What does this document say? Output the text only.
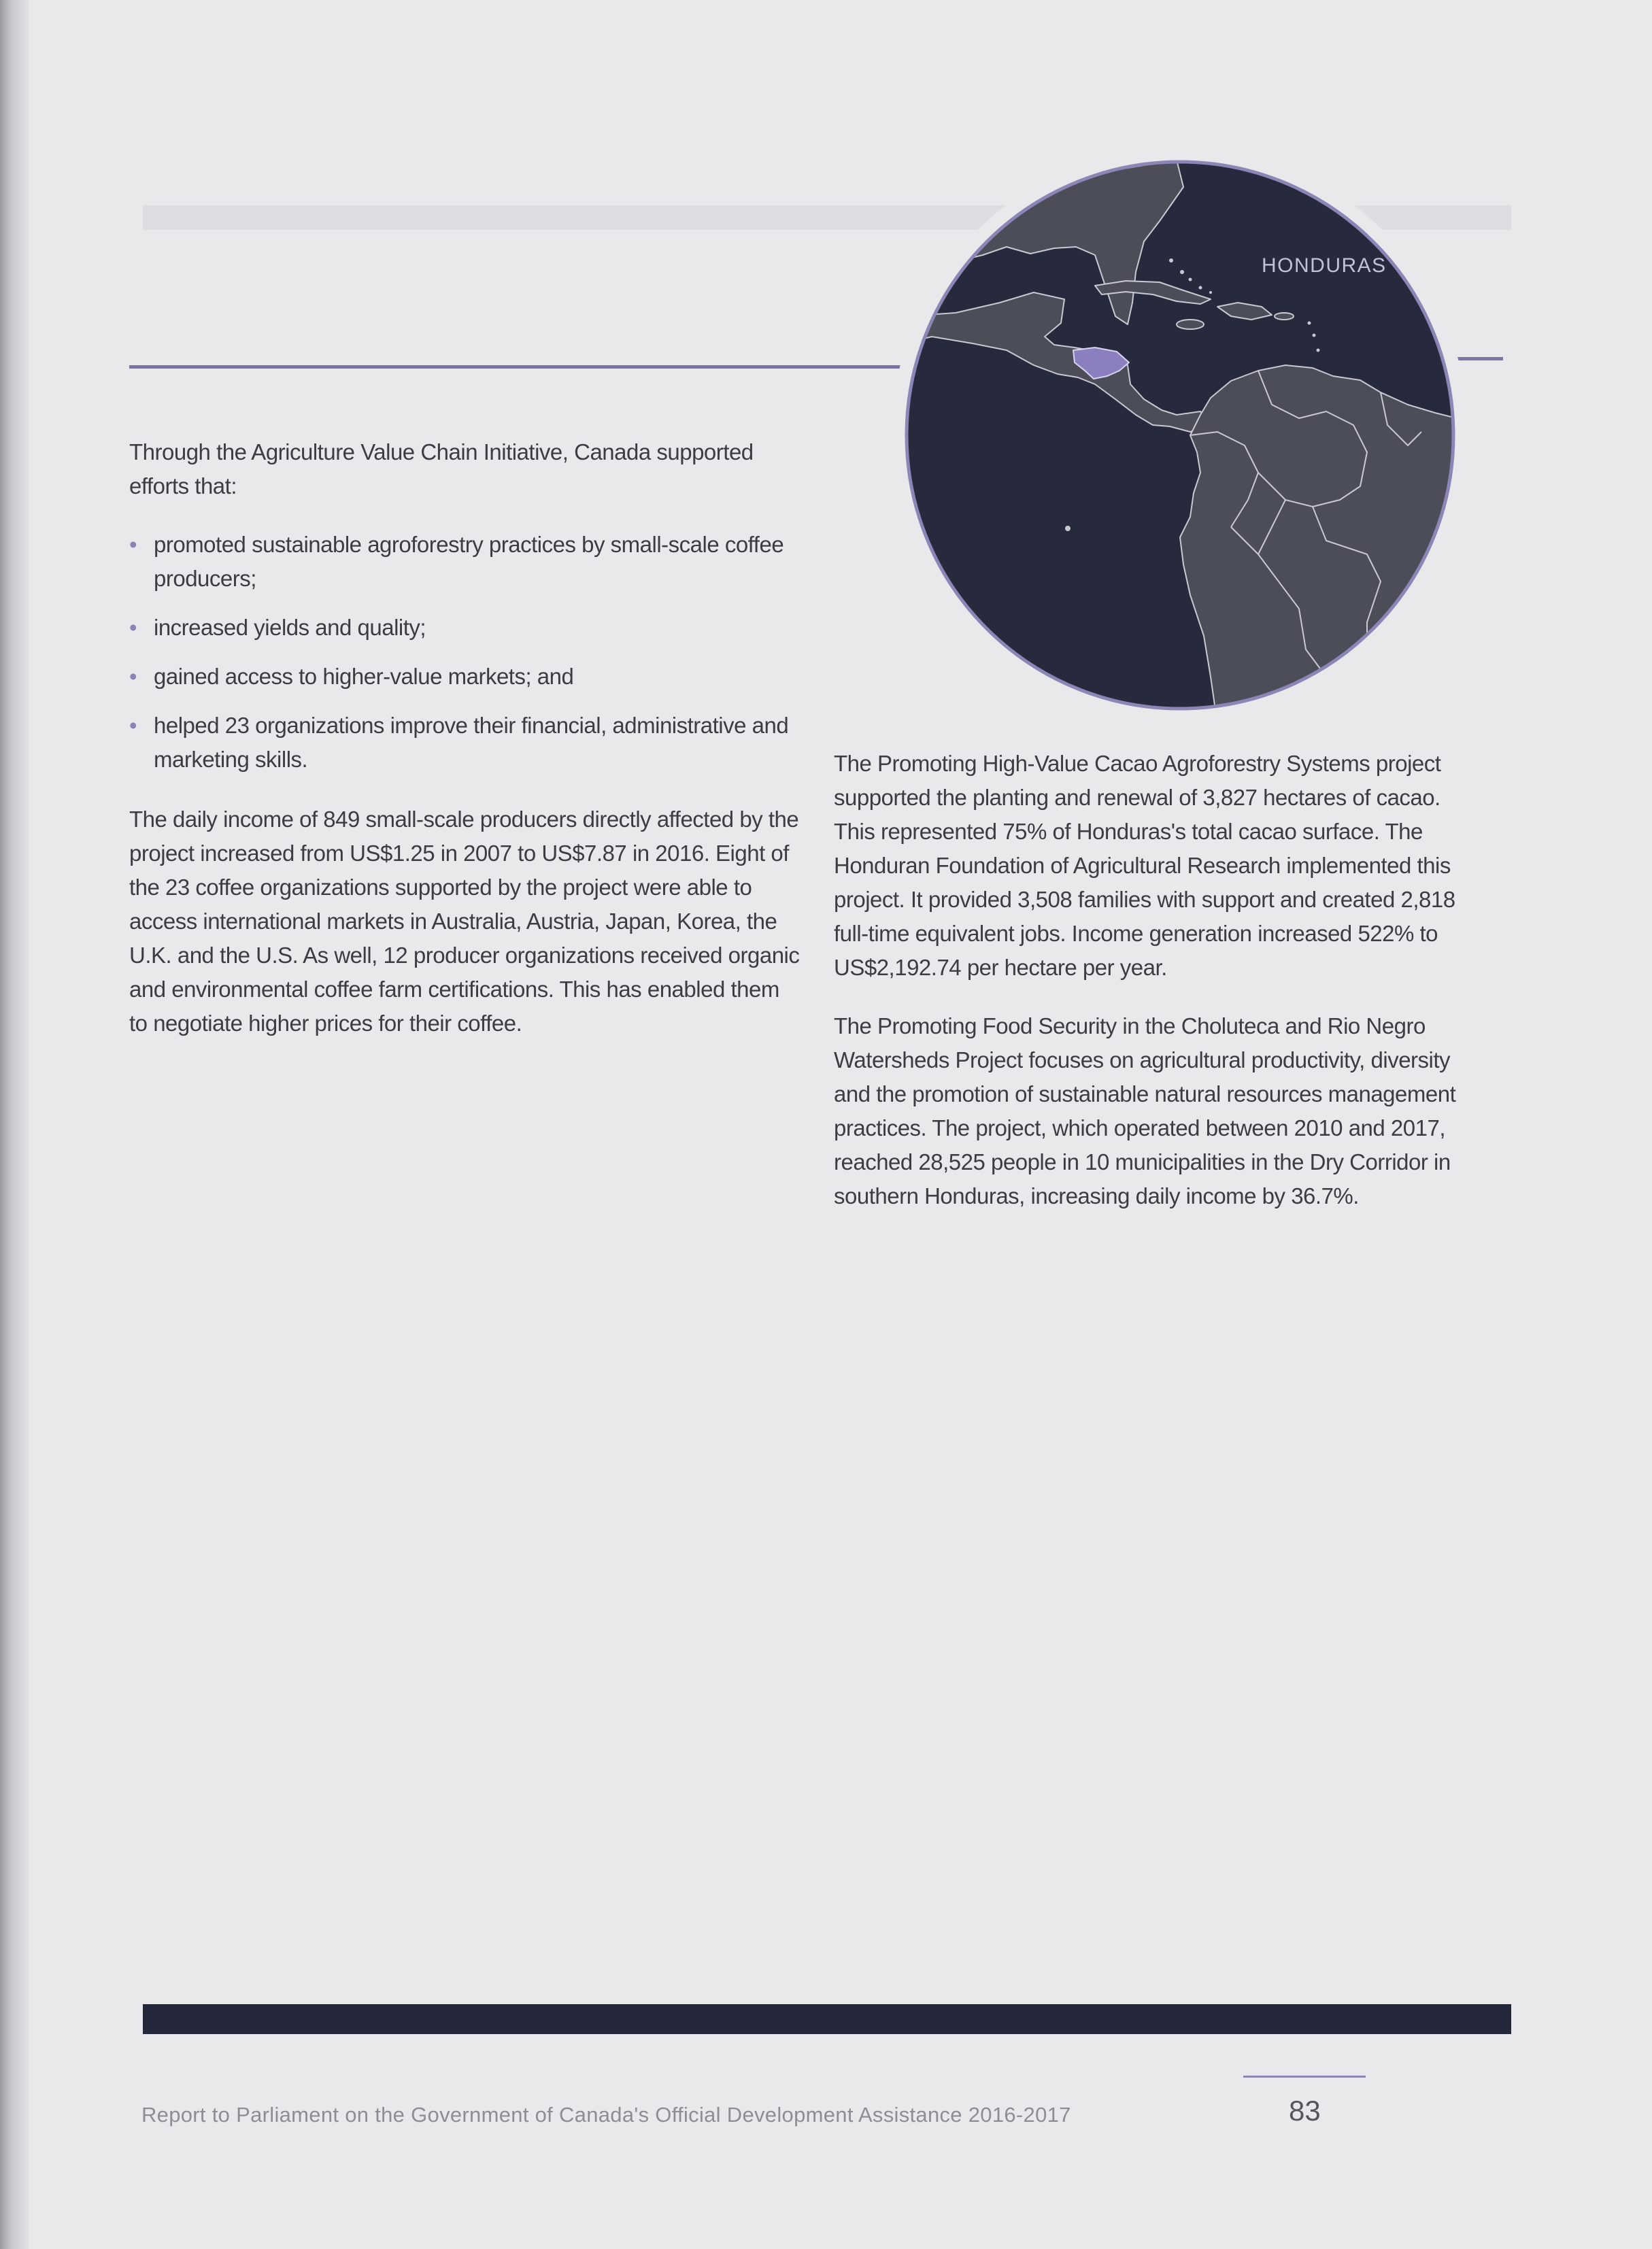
HONDURAS

Through the Agriculture Value Chain Initiative, Canada supported efforts that:

• promoted sustainable agroforestry practices by small-scale coffee producers;
• increased yields and quality;
• gained access to higher-value markets; and
• helped 23 organizations improve their financial, administrative and marketing skills.

The daily income of 849 small-scale producers directly affected by the project increased from US$1.25 in 2007 to US$7.87 in 2016. Eight of the 23 coffee organizations supported by the project were able to access international markets in Australia, Austria, Japan, Korea, the U.K. and the U.S. As well, 12 producer organizations received organic and environmental coffee farm certifications. This has enabled them to negotiate higher prices for their coffee.

The Promoting High-Value Cacao Agroforestry Systems project supported the planting and renewal of 3,827 hectares of cacao. This represented 75% of Honduras's total cacao surface. The Honduran Foundation of Agricultural Research implemented this project. It provided 3,508 families with support and created 2,818 full-time equivalent jobs. Income generation increased 522% to US$2,192.74 per hectare per year.

The Promoting Food Security in the Choluteca and Rio Negro Watersheds Project focuses on agricultural productivity, diversity and the promotion of sustainable natural resources management practices. The project, which operated between 2010 and 2017, reached 28,525 people in 10 municipalities in the Dry Corridor in southern Honduras, increasing daily income by 36.7%.

Report to Parliament on the Government of Canada's Official Development Assistance 2016-2017	83
